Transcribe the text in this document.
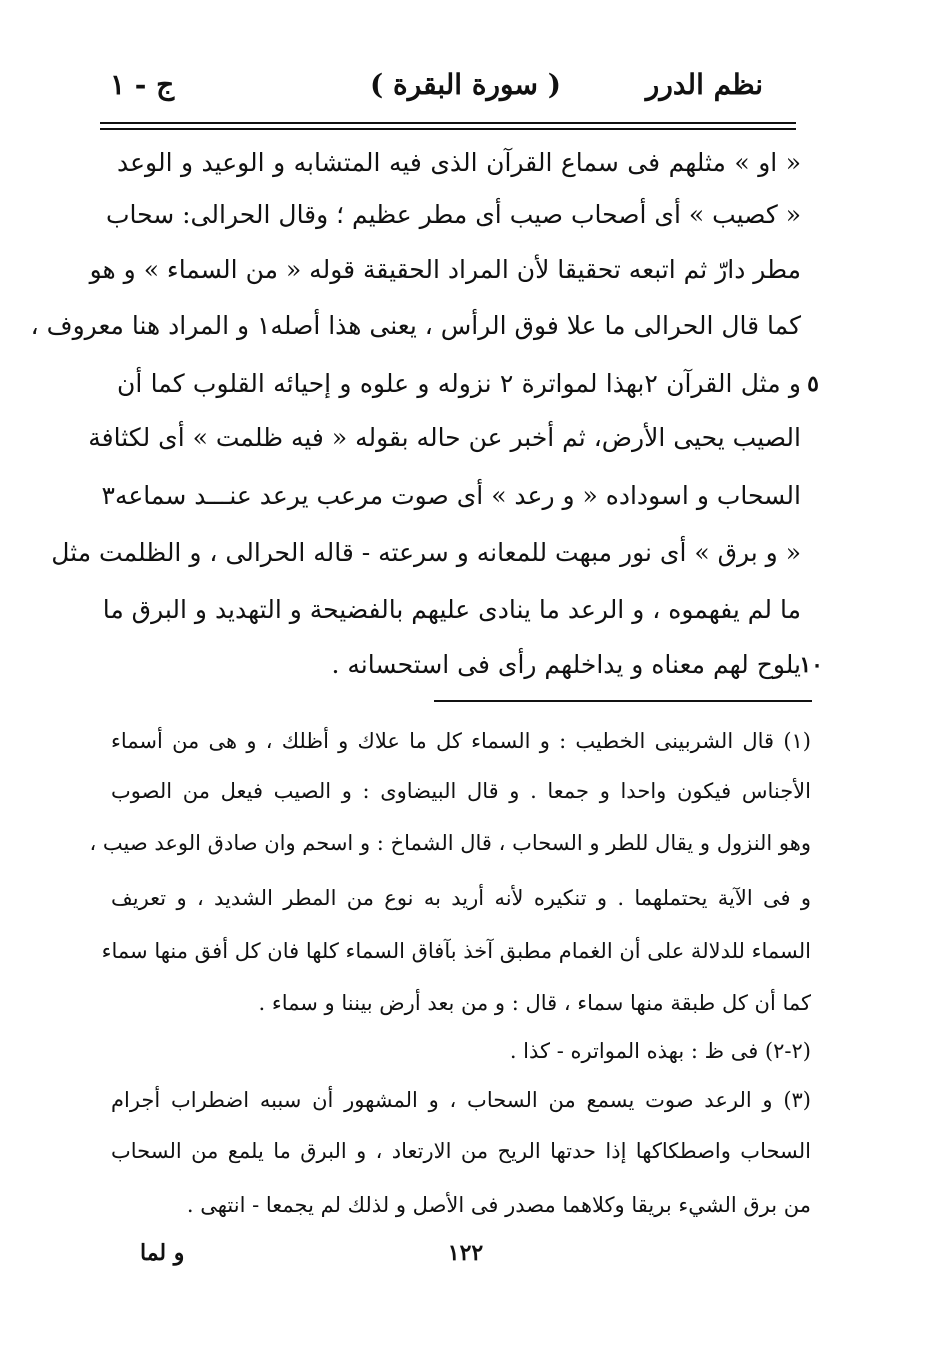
نظم الدرر
( سورة البقرة )
ج - ١
« او » مثلهم فى سماع القرآن الذى فيه المتشابه و الوعيد و الوعد
« كصيب » أى أصحاب صيب أى مطر عظيم ؛ وقال الحرالى: سحاب
مطر دارّ ثم اتبعه تحقيقا لأن المراد الحقيقة قوله « من السماء » و هو
كما قال الحرالى ما علا فوق الرأس ، يعنى هذا أصله١ و المراد هنا معروف ،
و مثل القرآن ٢بهذا لمواترة ٢ نزوله و علوه و إحيائه القلوب كما أن
الصيب يحيى الأرض، ثم أخبر عن حاله بقوله « فيه ظلمت » أى لكثافة
السحاب و اسوداده « و رعد » أى صوت مرعب يرعد عنـــد سماعه٣
« و برق » أى نور مبهت للمعانه و سرعته - قاله الحرالى ، و الظلمت مثل
ما لم يفهموه ، و الرعد ما ينادى عليهم بالفضيحة و التهديد و البرق ما
يلوح لهم معناه و يداخلهم رأى فى استحسانه .
٥
١٠
(١) قال الشربينى الخطيب : و السماء كل ما علاك و أظلك ، و هى من أسماء
الأجناس فيكون واحدا و جمعا . و قال البيضاوى : و الصيب فيعل من الصوب
وهو النزول و يقال للطر و السحاب ، قال الشماخ : و اسحم وان صادق الوعد صيب ،
و فى الآية يحتملهما . و تنكيره لأنه أريد به نوع من المطر الشديد ، و تعريف
السماء للدلالة على أن الغمام مطبق آخذ بآفاق السماء كلها فان كل أفق منها سماء
كما أن كل طبقة منها سماء ، قال : و من بعد أرض بيننا و سماء .
(٢-٢) فى ظ : بهذه المواتره - كذا .
(٣) و الرعد صوت يسمع من السحاب ، و المشهور أن سببه اضطراب أجرام
السحاب واصطكاكها إذا حدتها الريح من الارتعاد ، و البرق ما يلمع من السحاب
من برق الشيء بريقا وكلاهما مصدر فى الأصل و لذلك لم يجمعا - انتهى .
١٢٢
و لما
